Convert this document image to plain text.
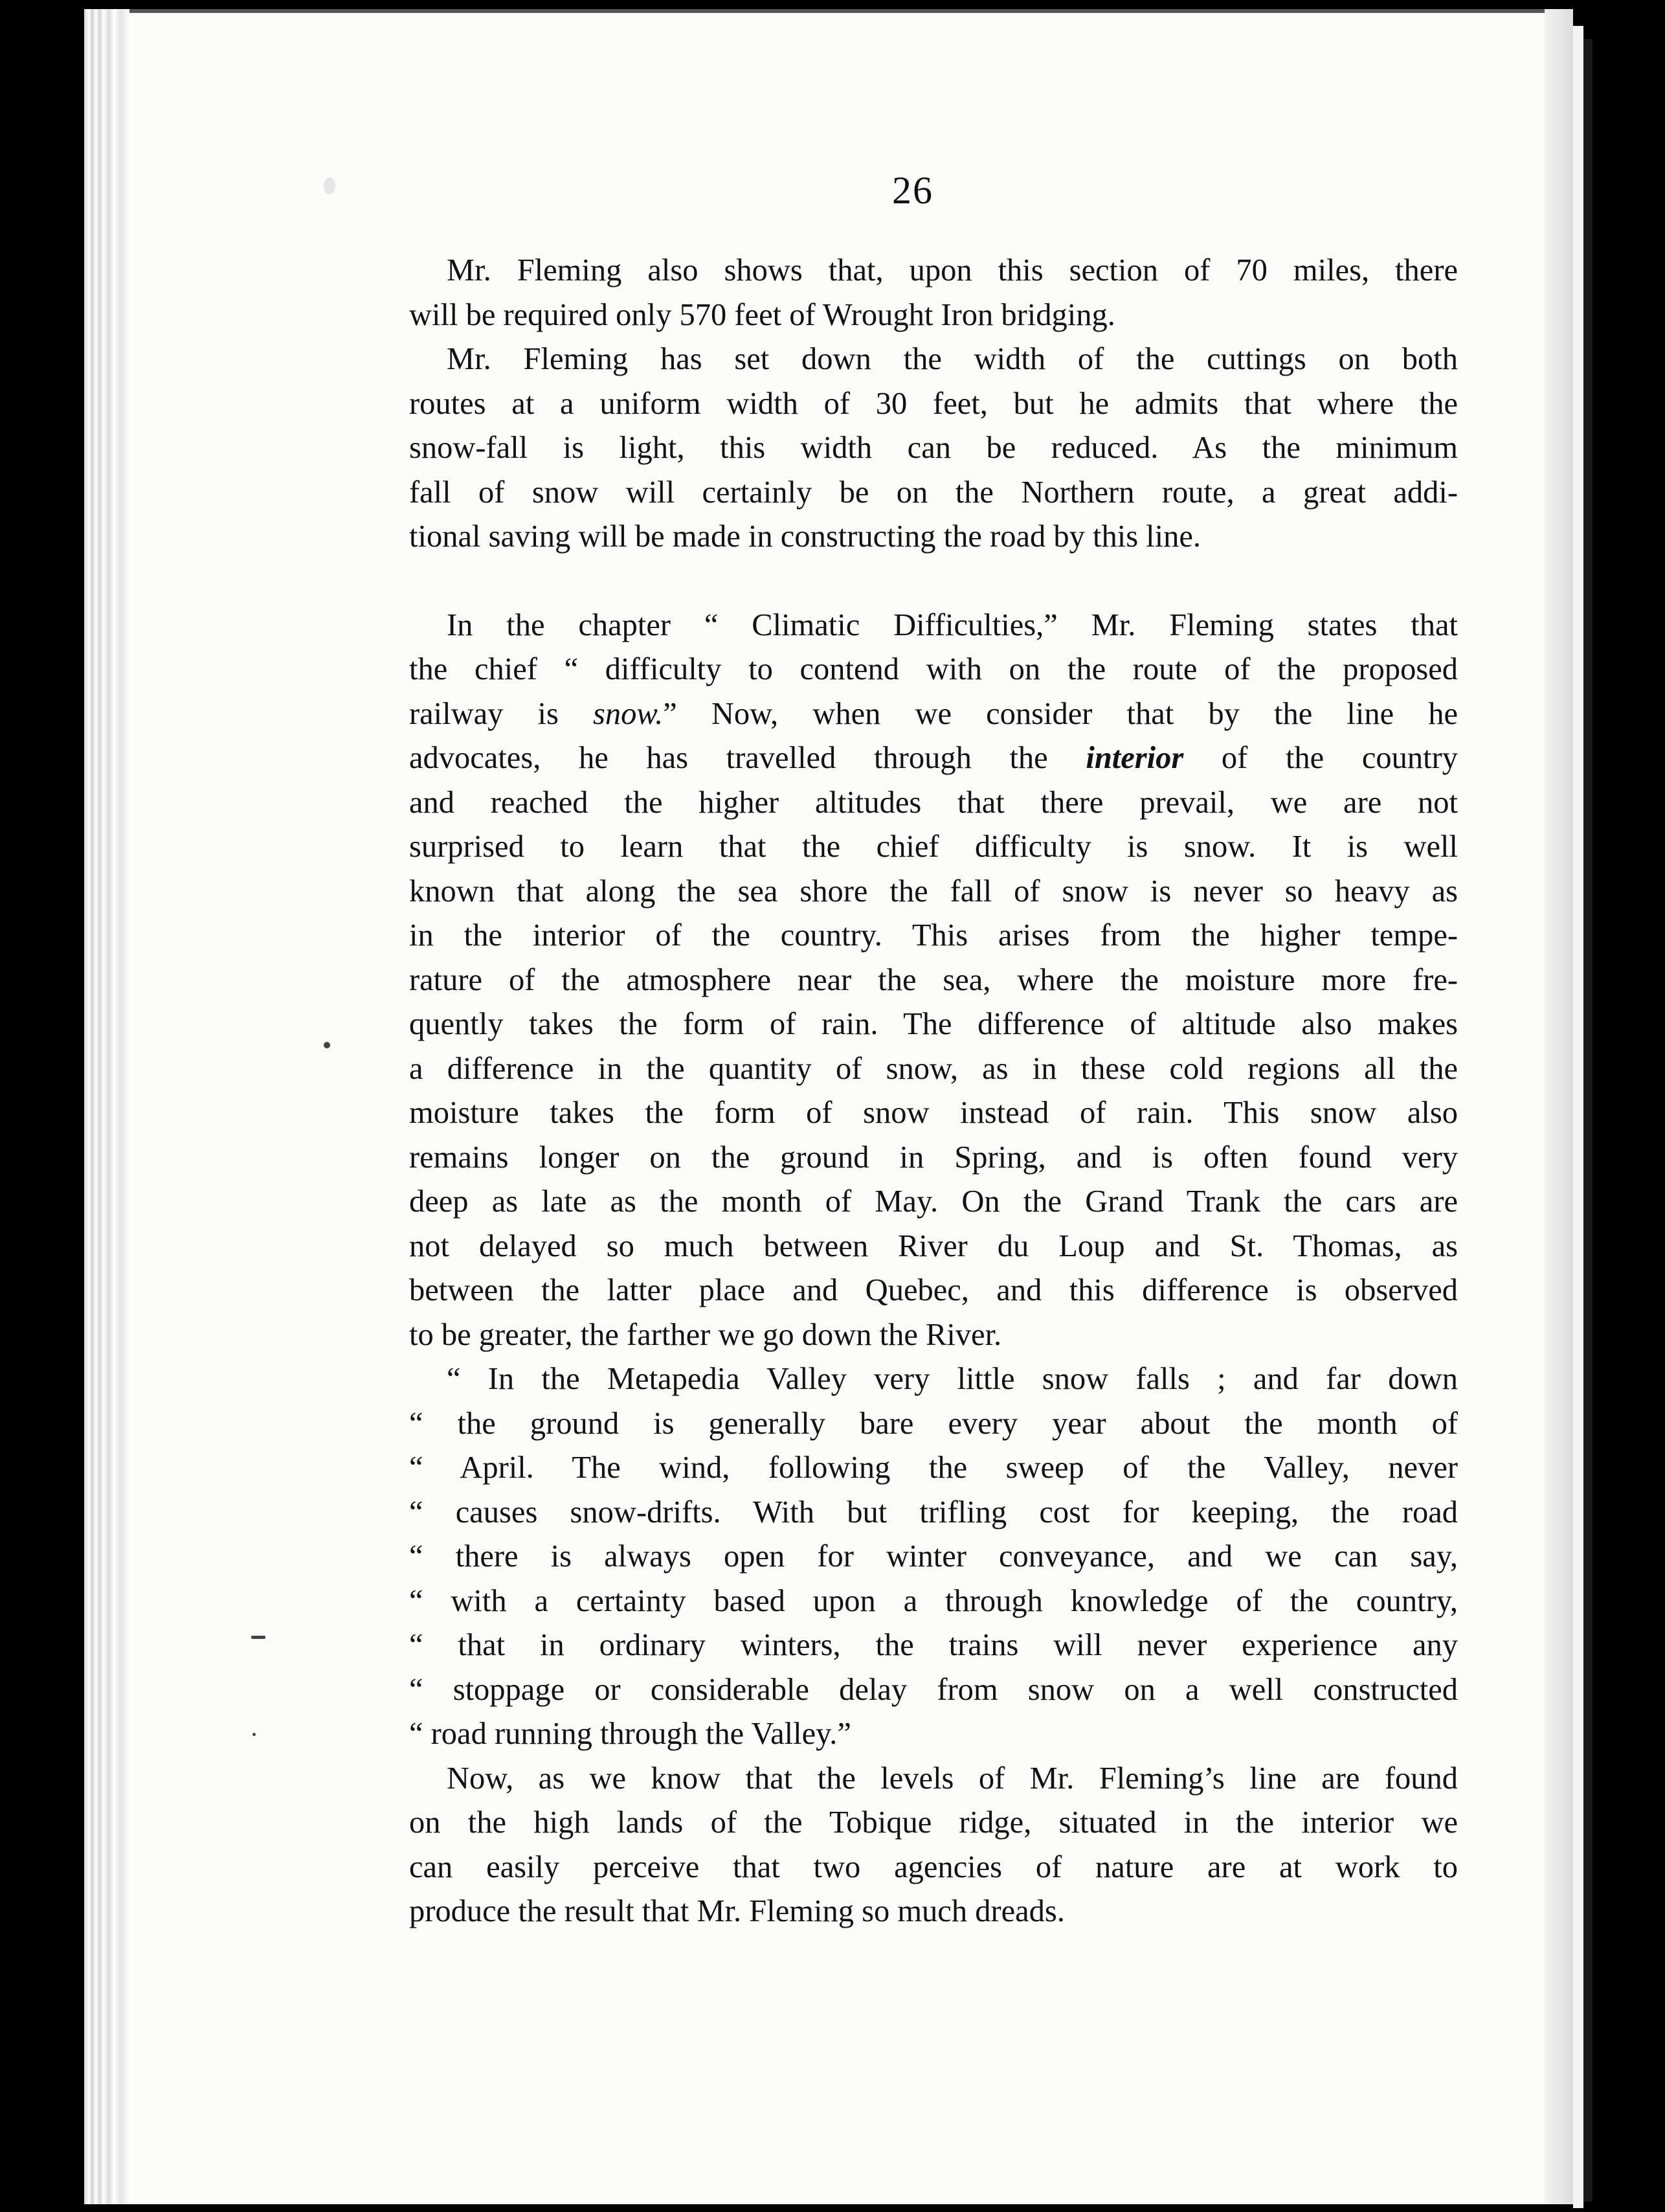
26

Mr. Fleming also shows that, upon this section of 70 miles, there
will be required only 570 feet of Wrought Iron bridging.

Mr. Fleming has set down the width of the cuttings on both
routes at a uniform width of 30 feet, but he admits that where the
snow-fall is light, this width can be reduced. As the minimum
fall of snow will certainly be on the Northern route, a great addi-
tional saving will be made in constructing the road by this line.

In the chapter “ Climatic Difficulties,” Mr. Fleming states that
the chief “ difficulty to contend with on the route of the proposed
railway is snow.” Now, when we consider that by the line he
advocates, he has travelled through the interior of the country
and reached the higher altitudes that there prevail, we are not
surprised to learn that the chief difficulty is snow. It is well
known that along the sea shore the fall of snow is never so heavy as
in the interior of the country. This arises from the higher tempe-
rature of the atmosphere near the sea, where the moisture more fre-
quently takes the form of rain. The difference of altitude also makes
a difference in the quantity of snow, as in these cold regions all the
moisture takes the form of snow instead of rain. This snow also
remains longer on the ground in Spring, and is often found very
deep as late as the month of May. On the Grand Trank the cars are
not delayed so much between River du Loup and St. Thomas, as
between the latter place and Quebec, and this difference is observed
to be greater, the farther we go down the River.

“ In the Metapedia Valley very little snow falls ; and far down
“ the ground is generally bare every year about the month of
“ April. The wind, following the sweep of the Valley, never
“ causes snow-drifts. With but trifling cost for keeping, the road
“ there is always open for winter conveyance, and we can say,
“ with a certainty based upon a through knowledge of the country,
“ that in ordinary winters, the trains will never experience any
“ stoppage or considerable delay from snow on a well constructed
“ road running through the Valley.”

Now, as we know that the levels of Mr. Fleming’s line are found
on the high lands of the Tobique ridge, situated in the interior we
can easily perceive that two agencies of nature are at work to
produce the result that Mr. Fleming so much dreads.
